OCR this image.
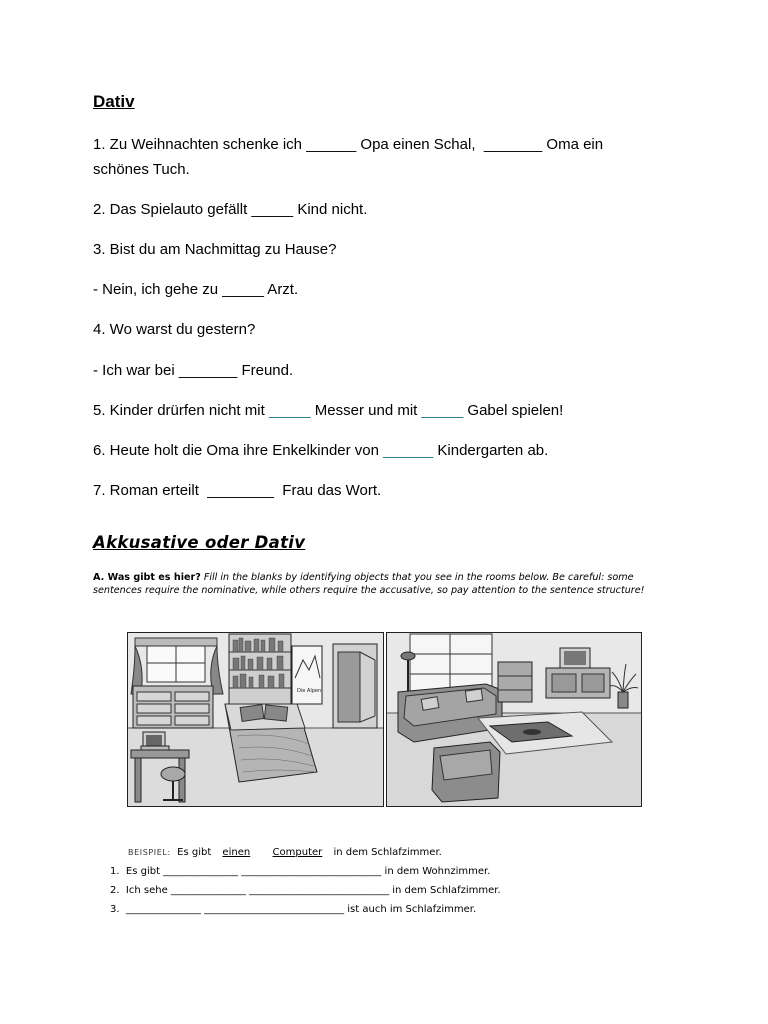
Dativ
1. Zu Weihnachten schenke ich ______ Opa einen Schal,  _______ Oma ein
schönes Tuch.
2. Das Spielauto gefällt _____ Kind nicht.
3. Bist du am Nachmittag zu Hause?
- Nein, ich gehe zu _____ Arzt.
4. Wo warst du gestern?
- Ich war bei _______ Freund.
5. Kinder drürfen nicht mit _____ Messer und mit _____ Gabel spielen!
6. Heute holt die Oma ihre Enkelkinder von ______ Kindergarten ab.
7. Roman erteilt  ________  Frau das Wort.
Akkusative oder Dativ
A. Was gibt es hier? Fill in the blanks by identifying objects that you see in the rooms below. Be careful: some sentences require the nominative, while others require the accusative, so pay attention to the sentence structure!
Die Alpen
BEISPIEL: Es gibt einen Computer in dem Schlafzimmer.
1. Es gibt _______________ ____________________________ in dem Wohnzimmer.
2. Ich sehe _______________ ____________________________ in dem Schlafzimmer.
3. _______________ ____________________________ ist auch im Schlafzimmer.
